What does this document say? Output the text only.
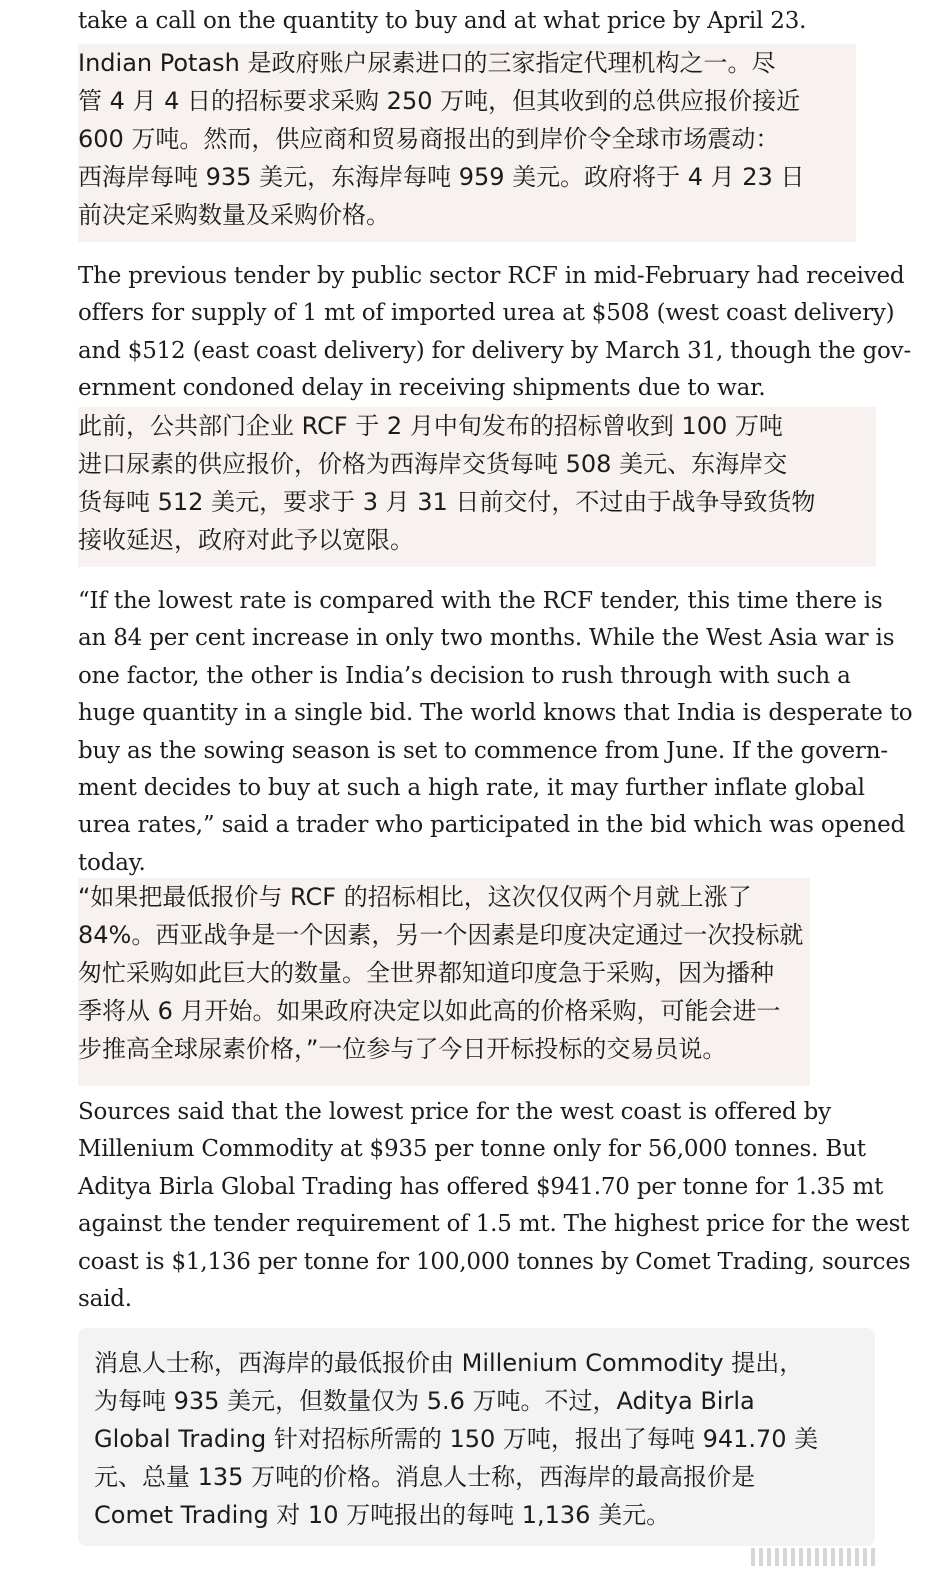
take a call on the quantity to buy and at what price by April 23.
Indian Potash 是政府账户尿素进口的三家指定代理机构之一。尽
管 4 月 4 日的招标要求采购 250 万吨，但其收到的总供应报价接近
600 万吨。然而，供应商和贸易商报出的到岸价令全球市场震动：
西海岸每吨 935 美元，东海岸每吨 959 美元。政府将于 4 月 23 日
前决定采购数量及采购价格。
The previous tender by public sector RCF in mid-February had received
offers for supply of 1 mt of imported urea at $508 (west coast delivery)
and $512 (east coast delivery) for delivery by March 31, though the gov-
ernment condoned delay in receiving shipments due to war.
此前，公共部门企业 RCF 于 2 月中旬发布的招标曾收到 100 万吨
进口尿素的供应报价，价格为西海岸交货每吨 508 美元、东海岸交
货每吨 512 美元，要求于 3 月 31 日前交付，不过由于战争导致货物
接收延迟，政府对此予以宽限。
“If the lowest rate is compared with the RCF tender, this time there is
an 84 per cent increase in only two months. While the West Asia war is
one factor, the other is India’s decision to rush through with such a
huge quantity in a single bid. The world knows that India is desperate to
buy as the sowing season is set to commence from June. If the govern-
ment decides to buy at such a high rate, it may further inflate global
urea rates,” said a trader who participated in the bid which was opened
today.
“如果把最低报价与 RCF 的招标相比，这次仅仅两个月就上涨了
84%。西亚战争是一个因素，另一个因素是印度决定通过一次投标就
匆忙采购如此巨大的数量。全世界都知道印度急于采购，因为播种
季将从 6 月开始。如果政府决定以如此高的价格采购，可能会进一
步推高全球尿素价格，”一位参与了今日开标投标的交易员说。
Sources said that the lowest price for the west coast is offered by
Millenium Commodity at $935 per tonne only for 56,000 tonnes. But
Aditya Birla Global Trading has offered $941.70 per tonne for 1.35 mt
against the tender requirement of 1.5 mt. The highest price for the west
coast is $1,136 per tonne for 100,000 tonnes by Comet Trading, sources
said.
消息人士称，西海岸的最低报价由 Millenium Commodity 提出，
为每吨 935 美元，但数量仅为 5.6 万吨。不过，Aditya Birla
Global Trading 针对招标所需的 150 万吨，报出了每吨 941.70 美
元、总量 135 万吨的价格。消息人士称，西海岸的最高报价是
Comet Trading 对 10 万吨报出的每吨 1,136 美元。
